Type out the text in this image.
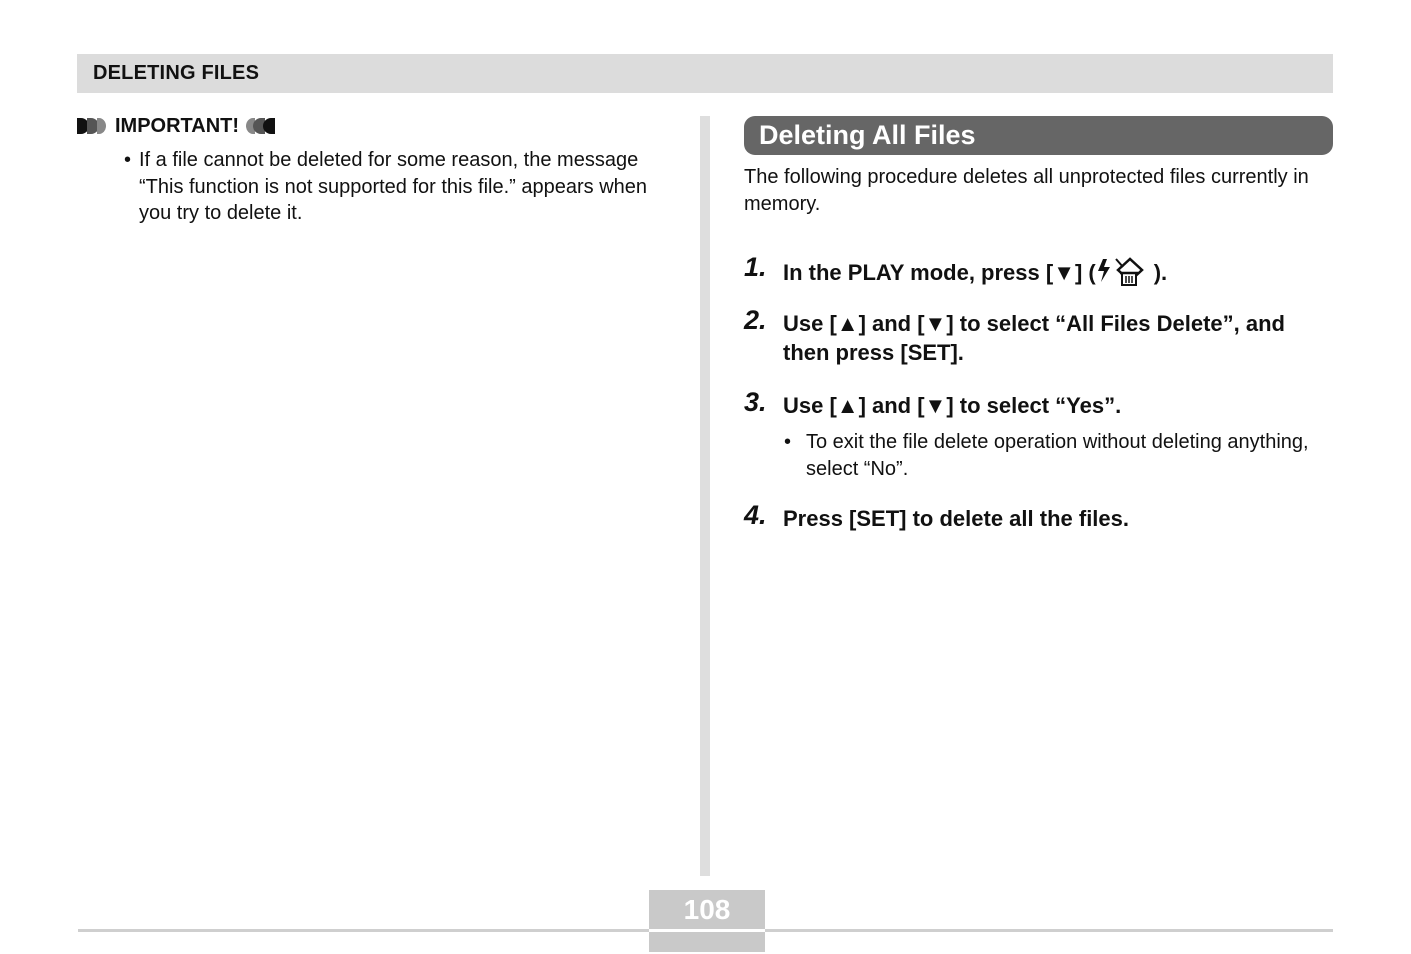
DELETING FILES
IMPORTANT!
• If a file cannot be deleted for some reason, the message “This function is not supported for this file.” appears when you try to delete it.
Deleting All Files
The following procedure deletes all unprotected files currently in memory.
1. In the PLAY mode, press [▼] (	).
2. Use [▲] and [▼] to select “All Files Delete”, and then press [SET].
3. Use [▲] and [▼] to select “Yes”.
• To exit the file delete operation without deleting anything, select “No”.
4. Press [SET] to delete all the files.
108
